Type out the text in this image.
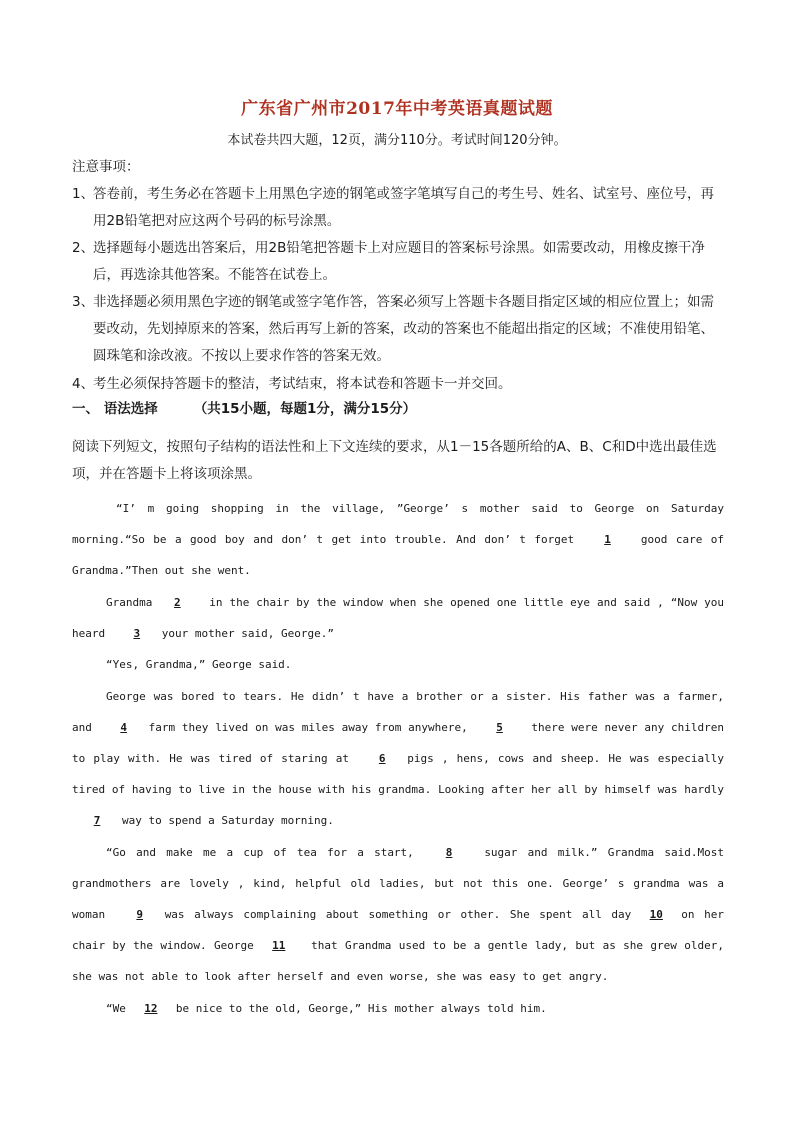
广东省广州市2017年中考英语真题试题
本试卷共四大题，12页，满分110分。考试时间120分钟。
注意事项：
1、
答卷前，考生务必在答题卡上用黑色字迹的钢笔或签字笔填写自己的考生号、姓名、试室号、座位号，再用2B铅笔把对应这两个号码的标号涂黑。
2、
选择题每小题选出答案后，用2B铅笔把答题卡上对应题目的答案标号涂黑。如需要改动，用橡皮擦干净后，再选涂其他答案。不能答在试卷上。
3、
非选择题必须用黑色字迹的钢笔或签字笔作答，答案必须写上答题卡各题目指定区域的相应位置上；如需要改动，先划掉原来的答案，然后再写上新的答案，改动的答案也不能超出指定的区域；不准使用铅笔、圆珠笔和涂改液。不按以上要求作答的答案无效。
4、
考生必须保持答题卡的整洁，考试结束，将本试卷和答题卡一并交回。
一、 语法选择	（共15小题，每题1分，满分15分）
阅读下列短文，按照句子结构的语法性和上下文连续的要求，从1－15各题所给的A、B、C和D中选出最佳选项，并在答题卡上将该项涂黑。
“I’ m going shopping in the village, ”George’ s mother said to George on Saturday morning.“So be a good boy and don’ t get into trouble. And don’ t forget 1 good care of Grandma.”Then out she went.
Grandma 2 in the chair by the window when she opened one little eye and said , “Now you heard 3 your mother said, George.”
“Yes, Grandma,” George said.
George was bored to tears. He didn’ t have a brother or a sister. His father was a farmer, and 4 farm they lived on was miles away from anywhere, 5 there were never any children to play with. He was tired of staring at 6 pigs , hens, cows and sheep. He was especially tired of having to live in the house with his grandma. Looking after her all by himself was hardly 7 way to spend a Saturday morning.
“Go and make me a cup of tea for a start, 8 sugar and milk.” Grandma said.Most grandmothers are lovely , kind, helpful old ladies, but not this one. George’ s grandma was a woman 9 was always complaining about something or other. She spent all day 10 on her chair by the window. George 11 that Grandma used to be a gentle lady, but as she grew older, she was not able to look after herself and even worse, she was easy to get angry.
“We 12 be nice to the old, George,” His mother always told him.
